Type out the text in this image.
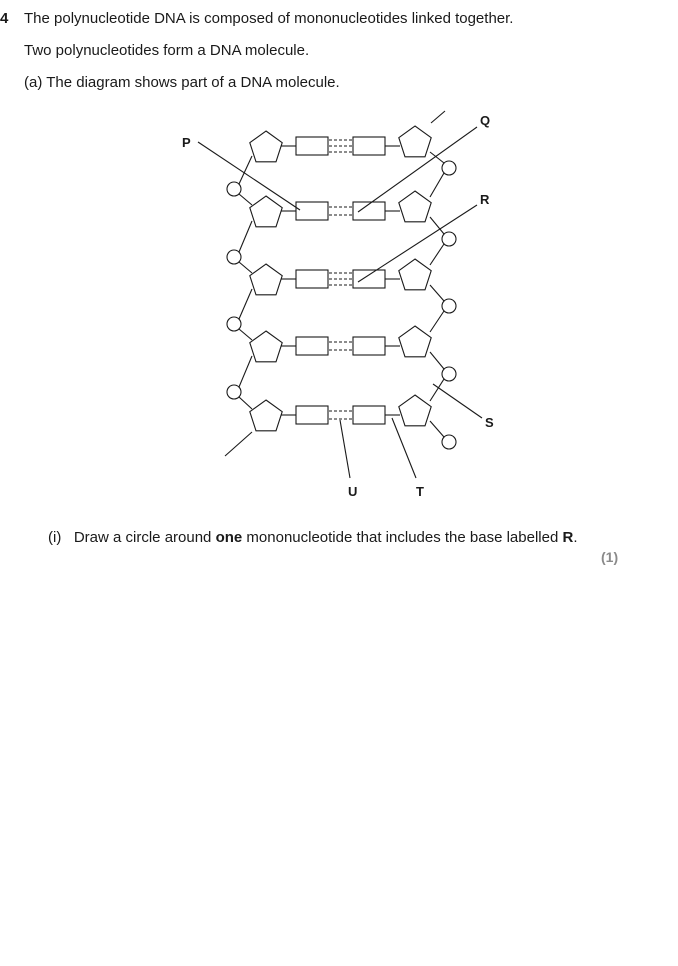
4 The polynucleotide DNA is composed of mononucleotides linked together.
Two polynucleotides form a DNA molecule.
(a) The diagram shows part of a DNA molecule.
P
Q
R
S
T
U
(i) Draw a circle around one mononucleotide that includes the base labelled R.
(1)
